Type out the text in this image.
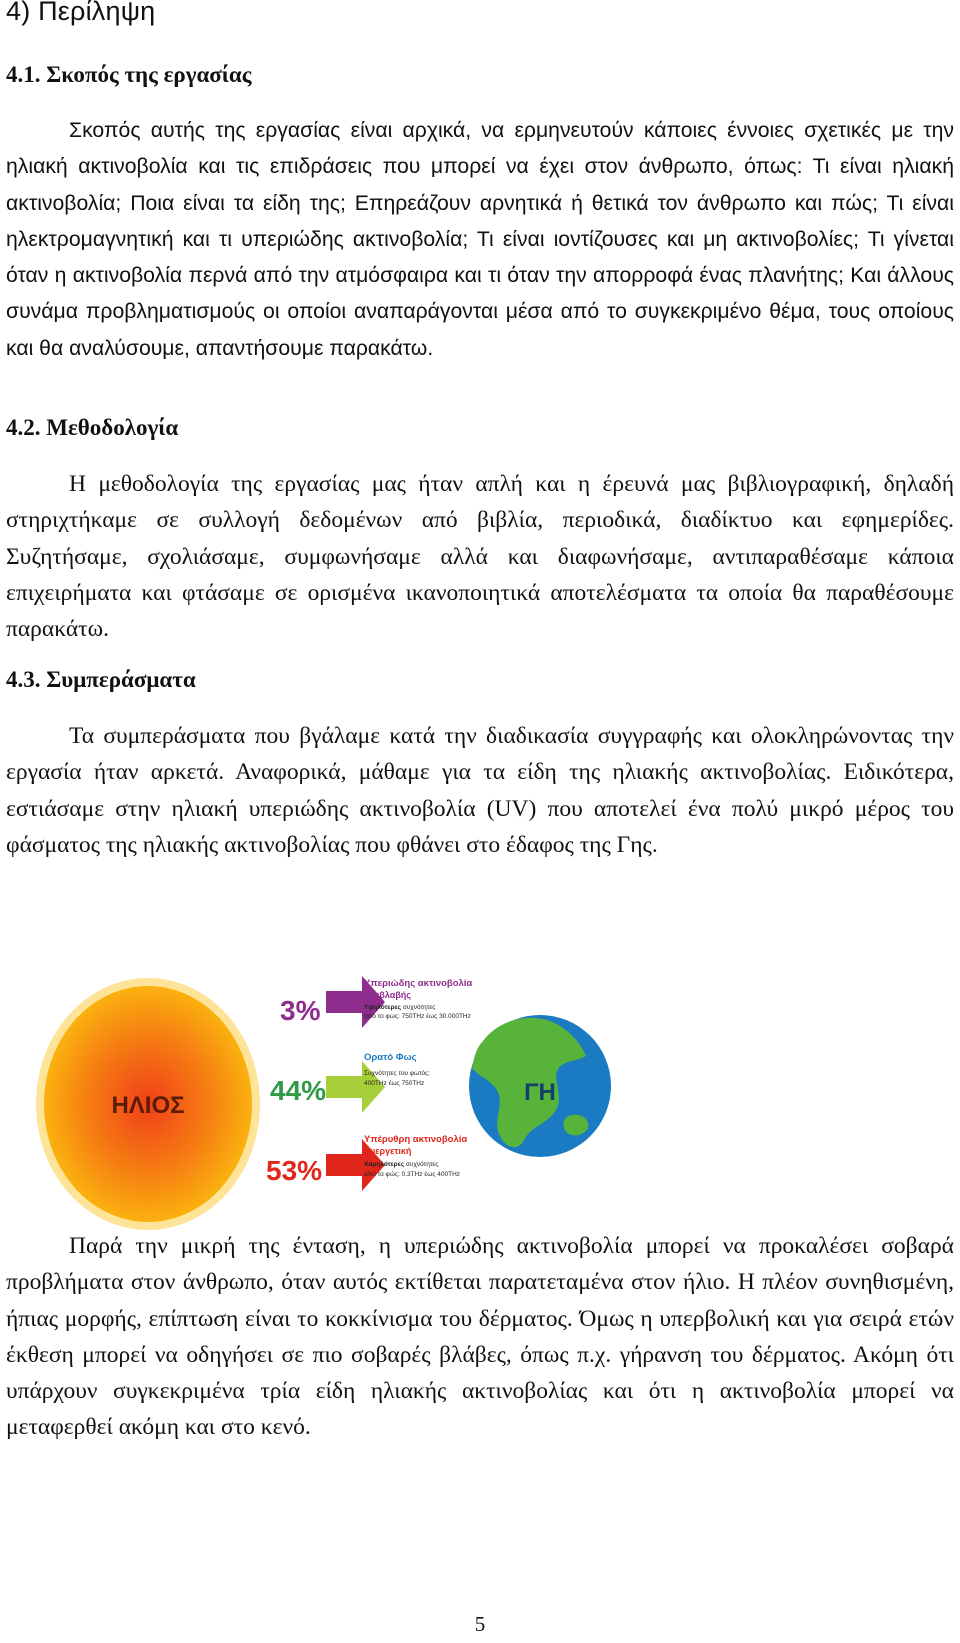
4) Περίληψη
4.1. Σκοπός της εργασίας

Σκοπός αυτής της εργασίας είναι αρχικά, να ερμηνευτούν κάποιες έννοιες σχετικές με την ηλιακή ακτινοβολία και τις επιδράσεις που μπορεί να έχει στον άνθρωπο, όπως: Τι είναι ηλιακή ακτινοβολία; Ποια είναι τα είδη της; Επηρεάζουν αρνητικά ή θετικά τον άνθρωπο και πώς; Τι είναι ηλεκτρομαγνητική και τι υπεριώδης ακτινοβολία; Τι είναι ιοντίζουσες και μη ακτινοβολίες; Τι γίνεται όταν η ακτινοβολία περνά από την ατμόσφαιρα και τι όταν την απορροφά ένας πλανήτης; Και άλλους συνάμα προβληματισμούς οι οποίοι αναπαράγονται μέσα από το συγκεκριμένο θέμα, τους οποίους και θα αναλύσουμε, απαντήσουμε παρακάτω.

4.2. Μεθοδολογία

Η μεθοδολογία της εργασίας μας ήταν απλή και η έρευνά μας βιβλιογραφική, δηλαδή στηριχτήκαμε σε συλλογή δεδομένων από βιβλία, περιοδικά, διαδίκτυο και εφημερίδες. Συζητήσαμε, σχολιάσαμε, συμφωνήσαμε αλλά και διαφωνήσαμε, αντιπαραθέσαμε κάποια επιχειρήματα και φτάσαμε σε ορισμένα ικανοποιητικά αποτελέσματα τα οποία θα παραθέσουμε παρακάτω.

4.3. Συμπεράσματα

Τα συμπεράσματα που βγάλαμε κατά την διαδικασία συγγραφής και ολοκληρώνοντας την εργασία ήταν αρκετά. Αναφορικά, μάθαμε για τα είδη της ηλιακής ακτινοβολίας. Ειδικότερα, εστιάσαμε στην ηλιακή υπεριώδης ακτινοβολία (UV) που αποτελεί ένα πολύ μικρό μέρος του φάσματος της ηλιακής ακτινοβολίας που φθάνει στο έδαφος της Γης.

ΗΛΙΟΣ
3%
Υπεριώδης ακτινοβολία
Επιβλαβής
Υψηλότερες συχνότητες
από το φως: 750THz έως 30.000THz
44%
Ορατό Φως
Συχνότητες του φωτός:
400THz έως 750THz
53%
Υπέρυθρη ακτινοβολία
Ευεργετική
Χαμηλότερες συχνότητες
από το φώς: 0.3THz έως 400THz
ΓΗ

Παρά την μικρή της ένταση, η υπεριώδης ακτινοβολία μπορεί να προκαλέσει σοβαρά προβλήματα στον άνθρωπο, όταν αυτός εκτίθεται παρατεταμένα στον ήλιο. Η πλέον συνηθισμένη, ήπιας μορφής, επίπτωση είναι το κοκκίνισμα του δέρματος. Όμως η υπερβολική και για σειρά ετών έκθεση μπορεί να οδηγήσει σε πιο σοβαρές βλάβες, όπως π.χ. γήρανση του δέρματος. Ακόμη ότι υπάρχουν συγκεκριμένα τρία είδη ηλιακής ακτινοβολίας και ότι η ακτινοβολία μπορεί να μεταφερθεί ακόμη και στο κενό.

5
